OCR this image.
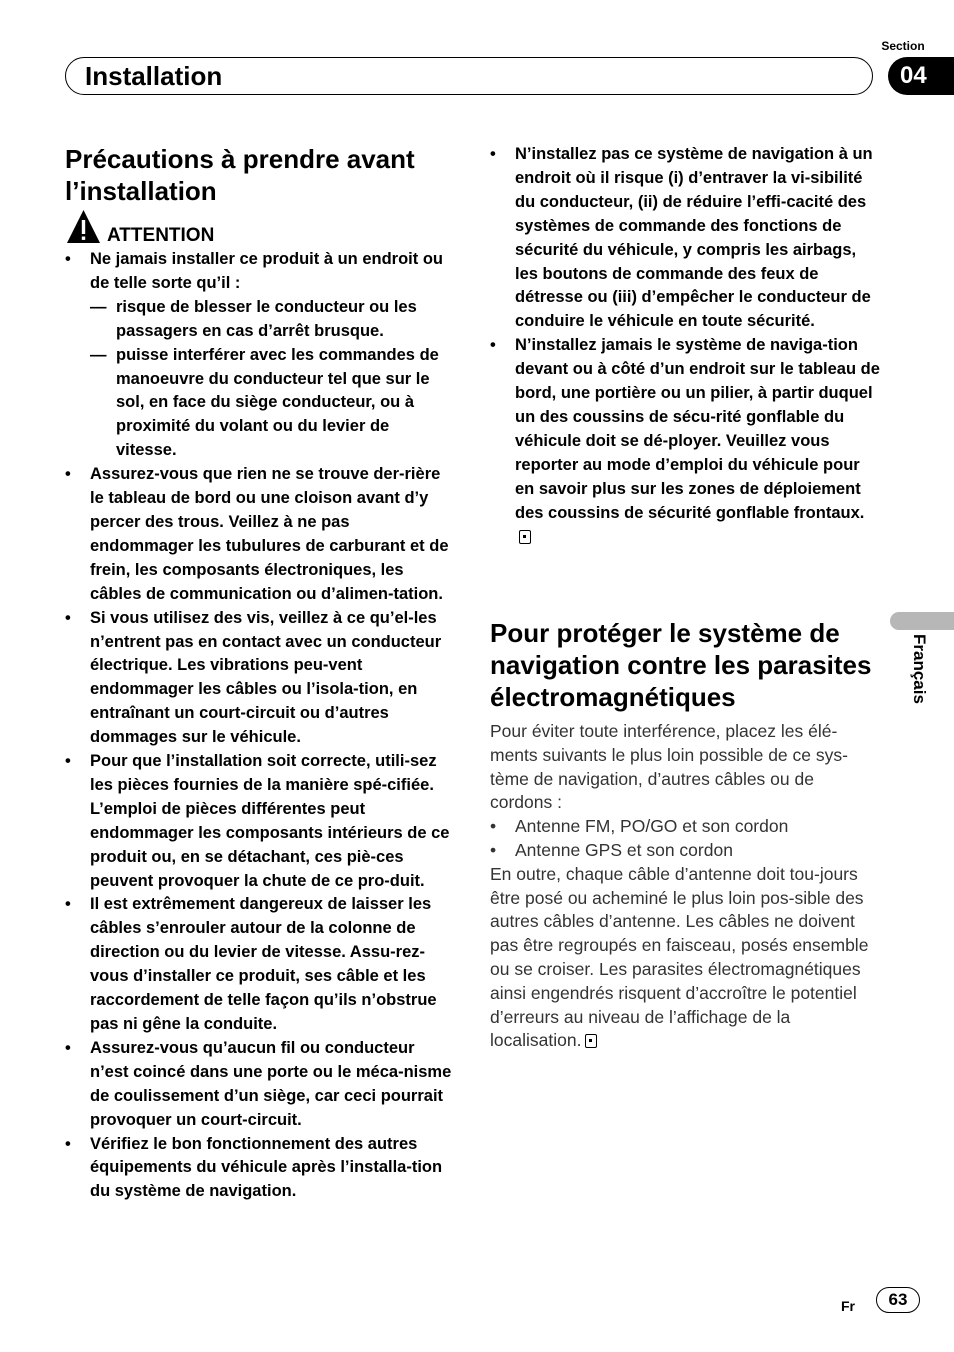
Section
Installation	04
Français
Précautions à prendre avant l’installation
ATTENTION
• Ne jamais installer ce produit à un endroit ou de telle sorte qu’il :
— risque de blesser le conducteur ou les passagers en cas d’arrêt brusque.
— puisse interférer avec les commandes de manoeuvre du conducteur tel que sur le sol, en face du siège conducteur, ou à proximité du volant ou du levier de vitesse.
• Assurez-vous que rien ne se trouve der-rière le tableau de bord ou une cloison avant d’y percer des trous. Veillez à ne pas endommager les tubulures de carburant et de frein, les composants électroniques, les câbles de communication ou d’alimen-tation.
• Si vous utilisez des vis, veillez à ce qu’el-les n’entrent pas en contact avec un conducteur électrique. Les vibrations peu-vent endommager les câbles ou l’isola-tion, en entraînant un court-circuit ou d’autres dommages sur le véhicule.
• Pour que l’installation soit correcte, utili-sez les pièces fournies de la manière spé-cifiée. L’emploi de pièces différentes peut endommager les composants intérieurs de ce produit ou, en se détachant, ces piè-ces peuvent provoquer la chute de ce pro-duit.
• Il est extrêmement dangereux de laisser les câbles s’enrouler autour de la colonne de direction ou du levier de vitesse. Assu-rez-vous d’installer ce produit, ses câble et les raccordement de telle façon qu’ils n’obstrue pas ni gêne la conduite.
• Assurez-vous qu’aucun fil ou conducteur n’est coincé dans une porte ou le méca-nisme de coulissement d’un siège, car ceci pourrait provoquer un court-circuit.
• Vérifiez le bon fonctionnement des autres équipements du véhicule après l’installa-tion du système de navigation.
• N’installez pas ce système de navigation à un endroit où il risque (i) d’entraver la vi-sibilité du conducteur, (ii) de réduire l’effi-cacité des systèmes de commande des fonctions de sécurité du véhicule, y compris les airbags, les boutons de commande des feux de détresse ou (iii) d’empêcher le conducteur de conduire le véhicule en toute sécurité.
• N’installez jamais le système de naviga-tion devant ou à côté d’un endroit sur le tableau de bord, une portière ou un pilier, à partir duquel un des coussins de sécu-rité gonflable du véhicule doit se dé-ployer. Veuillez vous reporter au mode d’emploi du véhicule pour en savoir plus sur les zones de déploiement des coussins de sécurité gonflable frontaux.
Pour protéger le système de navigation contre les parasites électromagnétiques
Pour éviter toute interférence, placez les élé-ments suivants le plus loin possible de ce sys-tème de navigation, d’autres câbles ou de cordons :
• Antenne FM, PO/GO et son cordon
• Antenne GPS et son cordon
En outre, chaque câble d’antenne doit tou-jours être posé ou acheminé le plus loin pos-sible des autres câbles d’antenne. Les câbles ne doivent pas être regroupés en faisceau, posés ensemble ou se croiser. Les parasites électromagnétiques ainsi engendrés risquent d’accroître le potentiel d’erreurs au niveau de l’affichage de la localisation.
Fr	63
